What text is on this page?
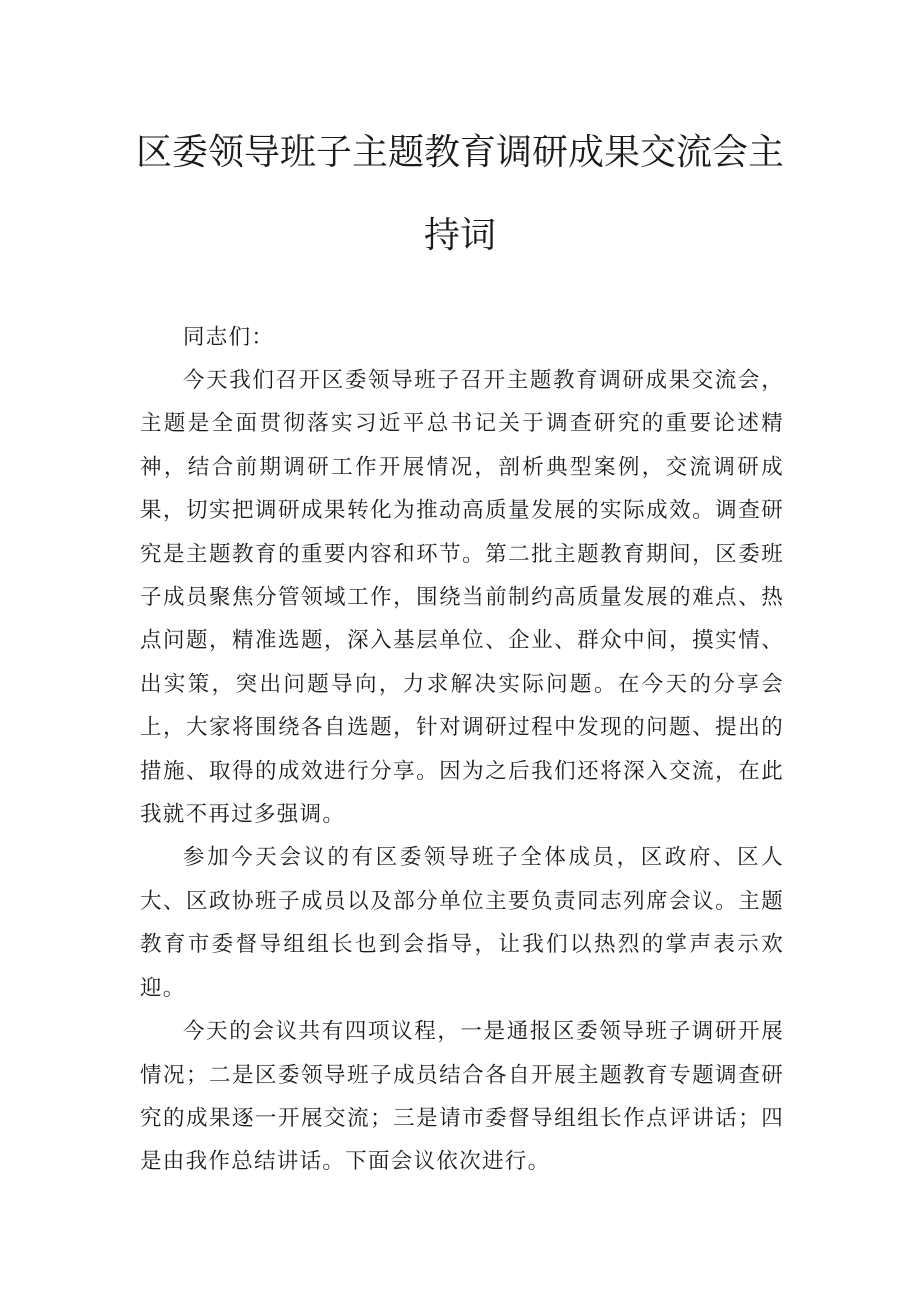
区委领导班子主题教育调研成果交流会主
持词

同志们：

今天我们召开区委领导班子召开主题教育调研成果交流会，主题是全面贯彻落实习近平总书记关于调查研究的重要论述精神，结合前期调研工作开展情况，剖析典型案例，交流调研成果，切实把调研成果转化为推动高质量发展的实际成效。调查研究是主题教育的重要内容和环节。第二批主题教育期间，区委班子成员聚焦分管领域工作，围绕当前制约高质量发展的难点、热点问题，精准选题，深入基层单位、企业、群众中间，摸实情、出实策，突出问题导向，力求解决实际问题。在今天的分享会上，大家将围绕各自选题，针对调研过程中发现的问题、提出的措施、取得的成效进行分享。因为之后我们还将深入交流，在此我就不再过多强调。

参加今天会议的有区委领导班子全体成员，区政府、区人大、区政协班子成员以及部分单位主要负责同志列席会议。主题教育市委督导组组长也到会指导，让我们以热烈的掌声表示欢迎。

今天的会议共有四项议程，一是通报区委领导班子调研开展情况；二是区委领导班子成员结合各自开展主题教育专题调查研究的成果逐一开展交流；三是请市委督导组组长作点评讲话；四是由我作总结讲话。下面会议依次进行。
